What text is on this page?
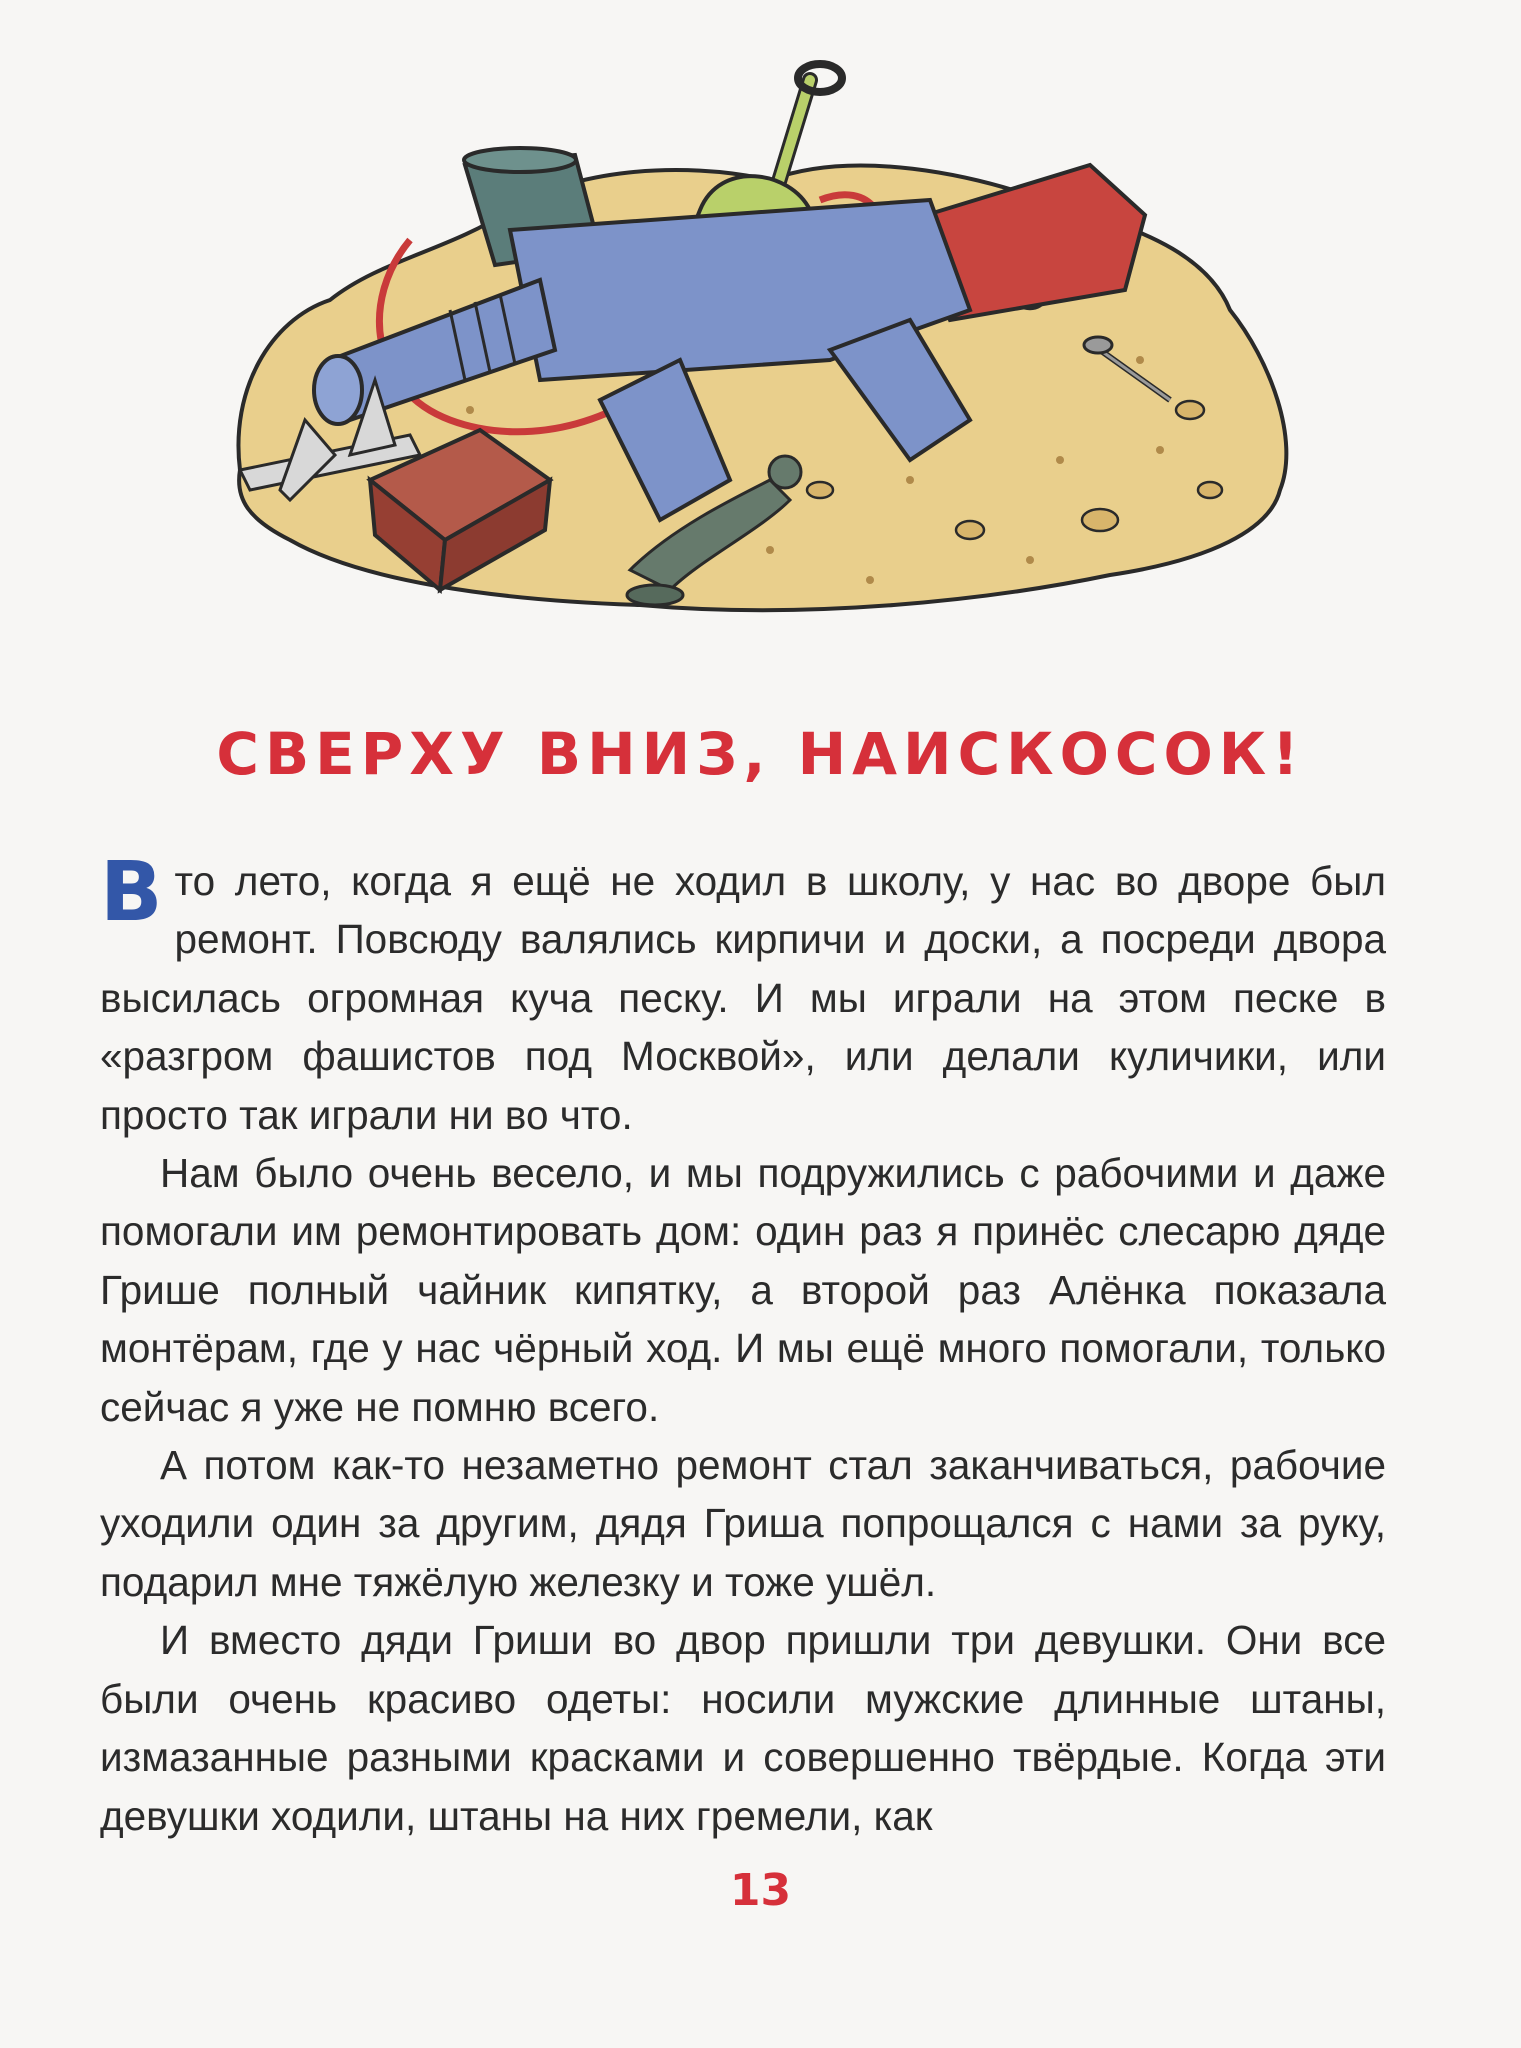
СВЕРХУ ВНИЗ, НАИСКОСОК!

Вто лето, когда я ещё не ходил в школу, у нас во дворе был ремонт. Повсюду валялись кирпичи и доски, а посреди двора высилась огромная куча песку. И мы играли на этом песке в «разгром фашистов под Москвой», или делали куличики, или просто так играли ни во что.

Нам было очень весело, и мы подружились с рабочими и даже помогали им ремонтировать дом: один раз я принёс слесарю дяде Грише полный чайник кипятку, а второй раз Алёнка показала монтёрам, где у нас чёрный ход. И мы ещё много помогали, только сейчас я уже не помню всего.

А потом как-то незаметно ремонт стал заканчиваться, рабочие уходили один за другим, дядя Гриша попрощался с нами за руку, подарил мне тяжёлую железку и тоже ушёл.

И вместо дяди Гриши во двор пришли три девушки. Они все были очень красиво одеты: носили мужские длинные штаны, измазанные разными красками и совершенно твёрдые. Когда эти девушки ходили, штаны на них гремели, как

13
